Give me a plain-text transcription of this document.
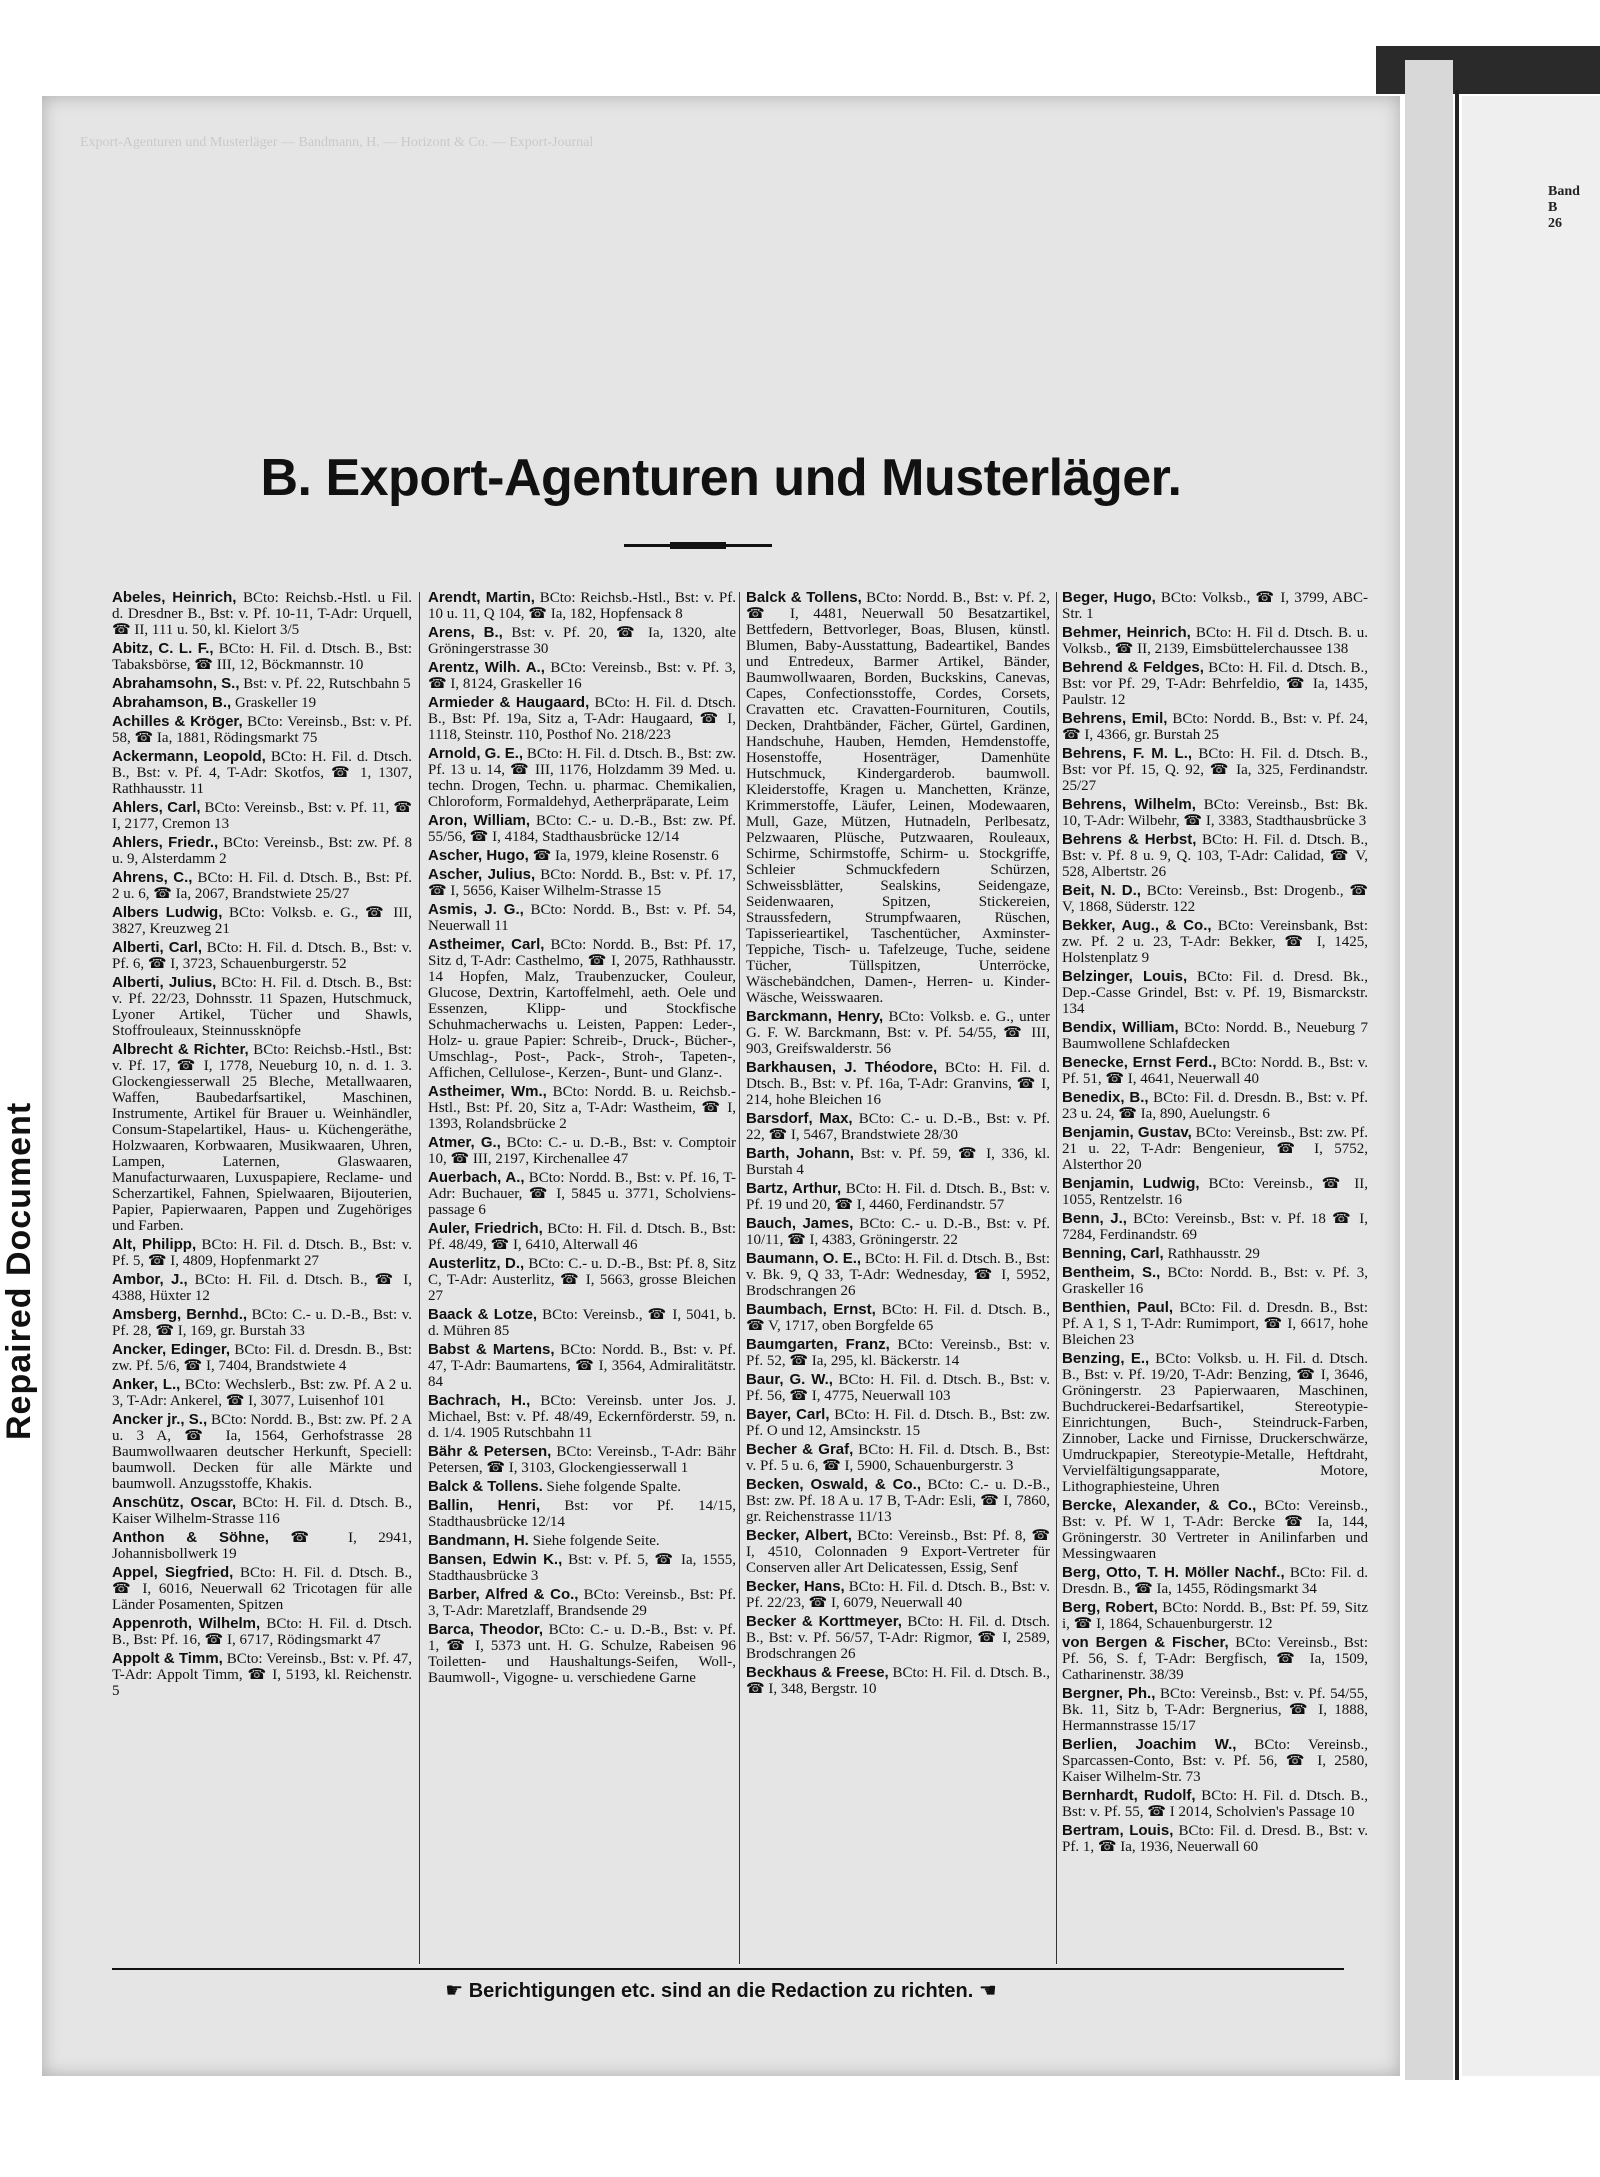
Repaired Document
Band
B
26
Export-Agenturen und Musterläger — Bandmann, H. — Horizont & Co. — Export-Journal
B. Export-Agenturen und Musterläger.

Abeles, Heinrich, BCto: Reichsb.-Hstl. u Fil. d. Dresdner B., Bst: v. Pf. 10-11, T-Adr: Urquell, ☎ II, 111 u. 50, kl. Kielort 3/5

Abitz, C. L. F., BCto: H. Fil. d. Dtsch. B., Bst: Tabaksbörse, ☎ III, 12, Böckmannstr. 10

Abrahamsohn, S., Bst: v. Pf. 22, Rutschbahn 5

Abrahamson, B., Graskeller 19

Achilles & Kröger, BCto: Vereinsb., Bst: v. Pf. 58, ☎ Ia, 1881, Rödingsmarkt 75

Ackermann, Leopold, BCto: H. Fil. d. Dtsch. B., Bst: v. Pf. 4, T-Adr: Skotfos, ☎ 1, 1307, Rathhausstr. 11

Ahlers, Carl, BCto: Vereinsb., Bst: v. Pf. 11, ☎ I, 2177, Cremon 13

Ahlers, Friedr., BCto: Vereinsb., Bst: zw. Pf. 8 u. 9, Alsterdamm 2

Ahrens, C., BCto: H. Fil. d. Dtsch. B., Bst: Pf. 2 u. 6, ☎ Ia, 2067, Brandstwiete 25/27

Albers Ludwig, BCto: Volksb. e. G., ☎ III, 3827, Kreuzweg 21

Alberti, Carl, BCto: H. Fil. d. Dtsch. B., Bst: v. Pf. 6, ☎ I, 3723, Schauenburgerstr. 52

Alberti, Julius, BCto: H. Fil. d. Dtsch. B., Bst: v. Pf. 22/23, Dohnsstr. 11 Spazen, Hutschmuck, Lyoner Artikel, Tücher und Shawls, Stoffrouleaux, Steinnussknöpfe

Albrecht & Richter, BCto: Reichsb.-Hstl., Bst: v. Pf. 17, ☎ I, 1778, Neueburg 10, n. d. 1. 3. Glockengiesserwall 25 Bleche, Metallwaaren, Waffen, Baubedarfsartikel, Maschinen, Instrumente, Artikel für Brauer u. Weinhändler, Consum-Stapelartikel, Haus- u. Küchengeräthe, Holzwaaren, Korbwaaren, Musikwaaren, Uhren, Lampen, Laternen, Glaswaaren, Manufacturwaaren, Luxuspapiere, Reclame- und Scherzartikel, Fahnen, Spielwaaren, Bijouterien, Papier, Papierwaaren, Pappen und Zugehöriges und Farben.

Alt, Philipp, BCto: H. Fil. d. Dtsch. B., Bst: v. Pf. 5, ☎ I, 4809, Hopfenmarkt 27

Ambor, J., BCto: H. Fil. d. Dtsch. B., ☎ I, 4388, Hüxter 12

Amsberg, Bernhd., BCto: C.- u. D.-B., Bst: v. Pf. 28, ☎ I, 169, gr. Burstah 33

Ancker, Edinger, BCto: Fil. d. Dresdn. B., Bst: zw. Pf. 5/6, ☎ I, 7404, Brandstwiete 4

Anker, L., BCto: Wechslerb., Bst: zw. Pf. A 2 u. 3, T-Adr: Ankerel, ☎ I, 3077, Luisenhof 101

Ancker jr., S., BCto: Nordd. B., Bst: zw. Pf. 2 A u. 3 A, ☎ Ia, 1564, Gerhofstrasse 28 Baumwollwaaren deutscher Herkunft, Speciell: baumwoll. Decken für alle Märkte und baumwoll. Anzugsstoffe, Khakis.

Anschütz, Oscar, BCto: H. Fil. d. Dtsch. B., Kaiser Wilhelm-Strasse 116

Anthon & Söhne, ☎ I, 2941, Johannisbollwerk 19

Appel, Siegfried, BCto: H. Fil. d. Dtsch. B., ☎ I, 6016, Neuerwall 62 Tricotagen für alle Länder Posamenten, Spitzen

Appenroth, Wilhelm, BCto: H. Fil. d. Dtsch. B., Bst: Pf. 16, ☎ I, 6717, Rödingsmarkt 47

Appolt & Timm, BCto: Vereinsb., Bst: v. Pf. 47, T-Adr: Appolt Timm, ☎ I, 5193, kl. Reichenstr. 5

Arendt, Martin, BCto: Reichsb.-Hstl., Bst: v. Pf. 10 u. 11, Q 104, ☎ Ia, 182, Hopfensack 8

Arens, B., Bst: v. Pf. 20, ☎ Ia, 1320, alte Gröningerstrasse 30

Arentz, Wilh. A., BCto: Vereinsb., Bst: v. Pf. 3, ☎ I, 8124, Graskeller 16

Armieder & Haugaard, BCto: H. Fil. d. Dtsch. B., Bst: Pf. 19a, Sitz a, T-Adr: Haugaard, ☎ I, 1118, Steinstr. 110, Posthof No. 218/223

Arnold, G. E., BCto: H. Fil. d. Dtsch. B., Bst: zw. Pf. 13 u. 14, ☎ III, 1176, Holzdamm 39 Med. u. techn. Drogen, Techn. u. pharmac. Chemikalien, Chloroform, Formaldehyd, Aetherpräparate, Leim

Aron, William, BCto: C.- u. D.-B., Bst: zw. Pf. 55/56, ☎ I, 4184, Stadthausbrücke 12/14

Ascher, Hugo, ☎ Ia, 1979, kleine Rosenstr. 6

Ascher, Julius, BCto: Nordd. B., Bst: v. Pf. 17, ☎ I, 5656, Kaiser Wilhelm-Strasse 15

Asmis, J. G., BCto: Nordd. B., Bst: v. Pf. 54, Neuerwall 11

Astheimer, Carl, BCto: Nordd. B., Bst: Pf. 17, Sitz d, T-Adr: Casthelmo, ☎ I, 2075, Rathhausstr. 14 Hopfen, Malz, Traubenzucker, Couleur, Glucose, Dextrin, Kartoffelmehl, aeth. Oele und Essenzen, Klipp- und Stockfische Schuhmacherwachs u. Leisten, Pappen: Leder-, Holz- u. graue Papier: Schreib-, Druck-, Bücher-, Umschlag-, Post-, Pack-, Stroh-, Tapeten-, Affichen, Cellulose-, Kerzen-, Bunt- und Glanz-.

Astheimer, Wm., BCto: Nordd. B. u. Reichsb.-Hstl., Bst: Pf. 20, Sitz a, T-Adr: Wastheim, ☎ I, 1393, Rolandsbrücke 2

Atmer, G., BCto: C.- u. D.-B., Bst: v. Comptoir 10, ☎ III, 2197, Kirchenallee 47

Auerbach, A., BCto: Nordd. B., Bst: v. Pf. 16, T-Adr: Buchauer, ☎ I, 5845 u. 3771, Scholvienspassage 6

Auler, Friedrich, BCto: H. Fil. d. Dtsch. B., Bst: Pf. 48/49, ☎ I, 6410, Alterwall 46

Austerlitz, D., BCto: C.- u. D.-B., Bst: Pf. 8, Sitz C, T-Adr: Austerlitz, ☎ I, 5663, grosse Bleichen 27

Baack & Lotze, BCto: Vereinsb., ☎ I, 5041, b. d. Mühren 85

Babst & Martens, BCto: Nordd. B., Bst: v. Pf. 47, T-Adr: Baumartens, ☎ I, 3564, Admiralitätstr. 84

Bachrach, H., BCto: Vereinsb. unter Jos. J. Michael, Bst: v. Pf. 48/49, Eckernförderstr. 59, n. d. 1/4. 1905 Rutschbahn 11

Bähr & Petersen, BCto: Vereinsb., T-Adr: Bähr Petersen, ☎ I, 3103, Glockengiesserwall 1

Balck & Tollens. Siehe folgende Spalte.

Ballin, Henri, Bst: vor Pf. 14/15, Stadthausbrücke 12/14

Bandmann, H. Siehe folgende Seite.

Bansen, Edwin K., Bst: v. Pf. 5, ☎ Ia, 1555, Stadthausbrücke 3

Barber, Alfred & Co., BCto: Vereinsb., Bst: Pf. 3, T-Adr: Maretzlaff, Brandsende 29

Barca, Theodor, BCto: C.- u. D.-B., Bst: v. Pf. 1, ☎ I, 5373 unt. H. G. Schulze, Rabeisen 96 Toiletten- und Haushaltungs-Seifen, Woll-, Baumwoll-, Vigogne- u. verschiedene Garne

Balck & Tollens, BCto: Nordd. B., Bst: v. Pf. 2, ☎ I, 4481, Neuerwall 50 Besatzartikel, Bettfedern, Bettvorleger, Boas, Blusen, künstl. Blumen, Baby-Ausstattung, Badeartikel, Bandes und Entredeux, Barmer Artikel, Bänder, Baumwollwaaren, Borden, Buckskins, Canevas, Capes, Confectionsstoffe, Cordes, Corsets, Cravatten etc. Cravatten-Fournituren, Coutils, Decken, Drahtbänder, Fächer, Gürtel, Gardinen, Handschuhe, Hauben, Hemden, Hemdenstoffe, Hosenstoffe, Hosenträger, Damenhüte Hutschmuck, Kindergarderob. baumwoll. Kleiderstoffe, Kragen u. Manchetten, Kränze, Krimmerstoffe, Läufer, Leinen, Modewaaren, Mull, Gaze, Mützen, Hutnadeln, Perlbesatz, Pelzwaaren, Plüsche, Putzwaaren, Rouleaux, Schirme, Schirmstoffe, Schirm- u. Stockgriffe, Schleier Schmuckfedern Schürzen, Schweissblätter, Sealskins, Seidengaze, Seidenwaaren, Spitzen, Stickereien, Straussfedern, Strumpfwaaren, Rüschen, Tapisserieartikel, Taschentücher, Axminster-Teppiche, Tisch- u. Tafelzeuge, Tuche, seidene Tücher, Tüllspitzen, Unterröcke, Wäschebändchen, Damen-, Herren- u. Kinder-Wäsche, Weisswaaren.

Barckmann, Henry, BCto: Volksb. e. G., unter G. F. W. Barckmann, Bst: v. Pf. 54/55, ☎ III, 903, Greifswalderstr. 56

Barkhausen, J. Théodore, BCto: H. Fil. d. Dtsch. B., Bst: v. Pf. 16a, T-Adr: Granvins, ☎ I, 214, hohe Bleichen 16

Barsdorf, Max, BCto: C.- u. D.-B., Bst: v. Pf. 22, ☎ I, 5467, Brandstwiete 28/30

Barth, Johann, Bst: v. Pf. 59, ☎ I, 336, kl. Burstah 4

Bartz, Arthur, BCto: H. Fil. d. Dtsch. B., Bst: v. Pf. 19 und 20, ☎ I, 4460, Ferdinandstr. 57

Bauch, James, BCto: C.- u. D.-B., Bst: v. Pf. 10/11, ☎ I, 4383, Gröningerstr. 22

Baumann, O. E., BCto: H. Fil. d. Dtsch. B., Bst: v. Bk. 9, Q 33, T-Adr: Wednesday, ☎ I, 5952, Brodschrangen 26

Baumbach, Ernst, BCto: H. Fil. d. Dtsch. B., ☎ V, 1717, oben Borgfelde 65

Baumgarten, Franz, BCto: Vereinsb., Bst: v. Pf. 52, ☎ Ia, 295, kl. Bäckerstr. 14

Baur, G. W., BCto: H. Fil. d. Dtsch. B., Bst: v. Pf. 56, ☎ I, 4775, Neuerwall 103

Bayer, Carl, BCto: H. Fil. d. Dtsch. B., Bst: zw. Pf. O und 12, Amsinckstr. 15

Becher & Graf, BCto: H. Fil. d. Dtsch. B., Bst: v. Pf. 5 u. 6, ☎ I, 5900, Schauenburgerstr. 3

Becken, Oswald, & Co., BCto: C.- u. D.-B., Bst: zw. Pf. 18 A u. 17 B, T-Adr: Esli, ☎ I, 7860, gr. Reichenstrasse 11/13

Becker, Albert, BCto: Vereinsb., Bst: Pf. 8, ☎ I, 4510, Colonnaden 9 Export-Vertreter für Conserven aller Art Delicatessen, Essig, Senf

Becker, Hans, BCto: H. Fil. d. Dtsch. B., Bst: v. Pf. 22/23, ☎ I, 6079, Neuerwall 40

Becker & Korttmeyer, BCto: H. Fil. d. Dtsch. B., Bst: v. Pf. 56/57, T-Adr: Rigmor, ☎ I, 2589, Brodschrangen 26

Beckhaus & Freese, BCto: H. Fil. d. Dtsch. B., ☎ I, 348, Bergstr. 10

Beger, Hugo, BCto: Volksb., ☎ I, 3799, ABC-Str. 1

Behmer, Heinrich, BCto: H. Fil d. Dtsch. B. u. Volksb., ☎ II, 2139, Eimsbüttelerchaussee 138

Behrend & Feldges, BCto: H. Fil. d. Dtsch. B., Bst: vor Pf. 29, T-Adr: Behrfeldio, ☎ Ia, 1435, Paulstr. 12

Behrens, Emil, BCto: Nordd. B., Bst: v. Pf. 24, ☎ I, 4366, gr. Burstah 25

Behrens, F. M. L., BCto: H. Fil. d. Dtsch. B., Bst: vor Pf. 15, Q. 92, ☎ Ia, 325, Ferdinandstr. 25/27

Behrens, Wilhelm, BCto: Vereinsb., Bst: Bk. 10, T-Adr: Wilbehr, ☎ I, 3383, Stadthausbrücke 3

Behrens & Herbst, BCto: H. Fil. d. Dtsch. B., Bst: v. Pf. 8 u. 9, Q. 103, T-Adr: Calidad, ☎ V, 528, Albertstr. 26

Beit, N. D., BCto: Vereinsb., Bst: Drogenb., ☎ V, 1868, Süderstr. 122

Bekker, Aug., & Co., BCto: Vereinsbank, Bst: zw. Pf. 2 u. 23, T-Adr: Bekker, ☎ I, 1425, Holstenplatz 9

Belzinger, Louis, BCto: Fil. d. Dresd. Bk., Dep.-Casse Grindel, Bst: v. Pf. 19, Bismarckstr. 134

Bendix, William, BCto: Nordd. B., Neueburg 7 Baumwollene Schlafdecken

Benecke, Ernst Ferd., BCto: Nordd. B., Bst: v. Pf. 51, ☎ I, 4641, Neuerwall 40

Benedix, B., BCto: Fil. d. Dresdn. B., Bst: v. Pf. 23 u. 24, ☎ Ia, 890, Auelungstr. 6

Benjamin, Gustav, BCto: Vereinsb., Bst: zw. Pf. 21 u. 22, T-Adr: Bengenieur, ☎ I, 5752, Alsterthor 20

Benjamin, Ludwig, BCto: Vereinsb., ☎ II, 1055, Rentzelstr. 16

Benn, J., BCto: Vereinsb., Bst: v. Pf. 18 ☎ I, 7284, Ferdinandstr. 69

Benning, Carl, Rathhausstr. 29

Bentheim, S., BCto: Nordd. B., Bst: v. Pf. 3, Graskeller 16

Benthien, Paul, BCto: Fil. d. Dresdn. B., Bst: Pf. A 1, S 1, T-Adr: Rumimport, ☎ I, 6617, hohe Bleichen 23

Benzing, E., BCto: Volksb. u. H. Fil. d. Dtsch. B., Bst: v. Pf. 19/20, T-Adr: Benzing, ☎ I, 3646, Gröningerstr. 23 Papierwaaren, Maschinen, Buchdruckerei-Bedarfsartikel, Stereotypie-Einrichtungen, Buch-, Steindruck-Farben, Zinnober, Lacke und Firnisse, Druckerschwärze, Umdruckpapier, Stereotypie-Metalle, Heftdraht, Vervielfältigungsapparate, Motore, Lithographiesteine, Uhren

Bercke, Alexander, & Co., BCto: Vereinsb., Bst: v. Pf. W 1, T-Adr: Bercke ☎ Ia, 144, Gröningerstr. 30 Vertreter in Anilinfarben und Messingwaaren

Berg, Otto, T. H. Möller Nachf., BCto: Fil. d. Dresdn. B., ☎ Ia, 1455, Rödingsmarkt 34

Berg, Robert, BCto: Nordd. B., Bst: Pf. 59, Sitz i, ☎ I, 1864, Schauenburgerstr. 12

von Bergen & Fischer, BCto: Vereinsb., Bst: Pf. 56, S. f, T-Adr: Bergfisch, ☎ Ia, 1509, Catharinenstr. 38/39

Bergner, Ph., BCto: Vereinsb., Bst: v. Pf. 54/55, Bk. 11, Sitz b, T-Adr: Bergnerius, ☎ I, 1888, Hermannstrasse 15/17

Berlien, Joachim W., BCto: Vereinsb., Sparcassen-Conto, Bst: v. Pf. 56, ☎ I, 2580, Kaiser Wilhelm-Str. 73

Bernhardt, Rudolf, BCto: H. Fil. d. Dtsch. B., Bst: v. Pf. 55, ☎ I 2014, Scholvien's Passage 10

Bertram, Louis, BCto: Fil. d. Dresd. B., Bst: v. Pf. 1, ☎ Ia, 1936, Neuerwall 60

☛ Berichtigungen etc. sind an die Redaction zu richten. ☚
